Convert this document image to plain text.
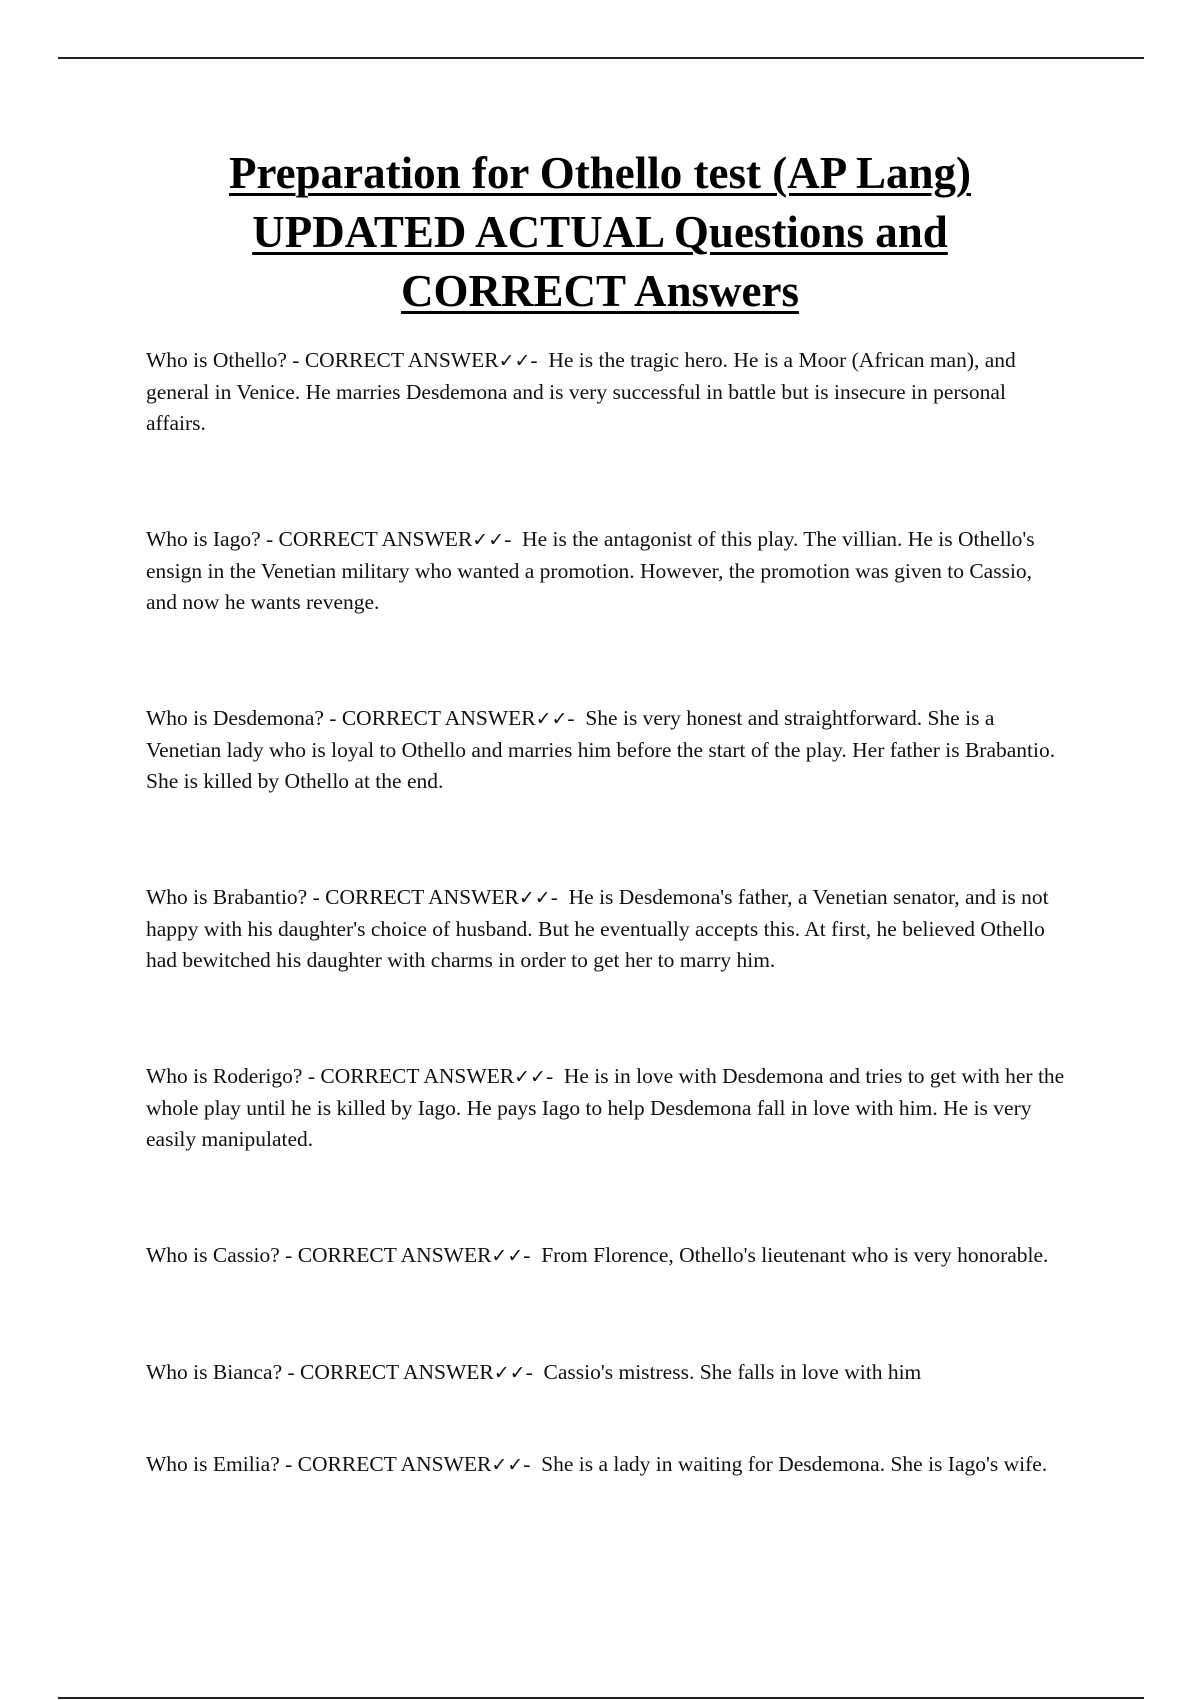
Preparation for Othello test (AP Lang)
UPDATED ACTUAL Questions and
CORRECT Answers

Who is Othello? - CORRECT ANSWER✓✓-  He is the tragic hero. He is a Moor (African man), and general in Venice. He marries Desdemona and is very successful in battle but is insecure in personal affairs.

Who is Iago? - CORRECT ANSWER✓✓-  He is the antagonist of this play. The villian. He is Othello's ensign in the Venetian military who wanted a promotion. However, the promotion was given to Cassio, and now he wants revenge.

Who is Desdemona? - CORRECT ANSWER✓✓-  She is very honest and straightforward. She is a Venetian lady who is loyal to Othello and marries him before the start of the play. Her father is Brabantio. She is killed by Othello at the end.

Who is Brabantio? - CORRECT ANSWER✓✓-  He is Desdemona's father, a Venetian senator, and is not happy with his daughter's choice of husband. But he eventually accepts this. At first, he believed Othello had bewitched his daughter with charms in order to get her to marry him.

Who is Roderigo? - CORRECT ANSWER✓✓-  He is in love with Desdemona and tries to get with her the whole play until he is killed by Iago. He pays Iago to help Desdemona fall in love with him. He is very easily manipulated.

Who is Cassio? - CORRECT ANSWER✓✓-  From Florence, Othello's lieutenant who is very honorable.

Who is Bianca? - CORRECT ANSWER✓✓-  Cassio's mistress. She falls in love with him

Who is Emilia? - CORRECT ANSWER✓✓-  She is a lady in waiting for Desdemona. She is Iago's wife.
